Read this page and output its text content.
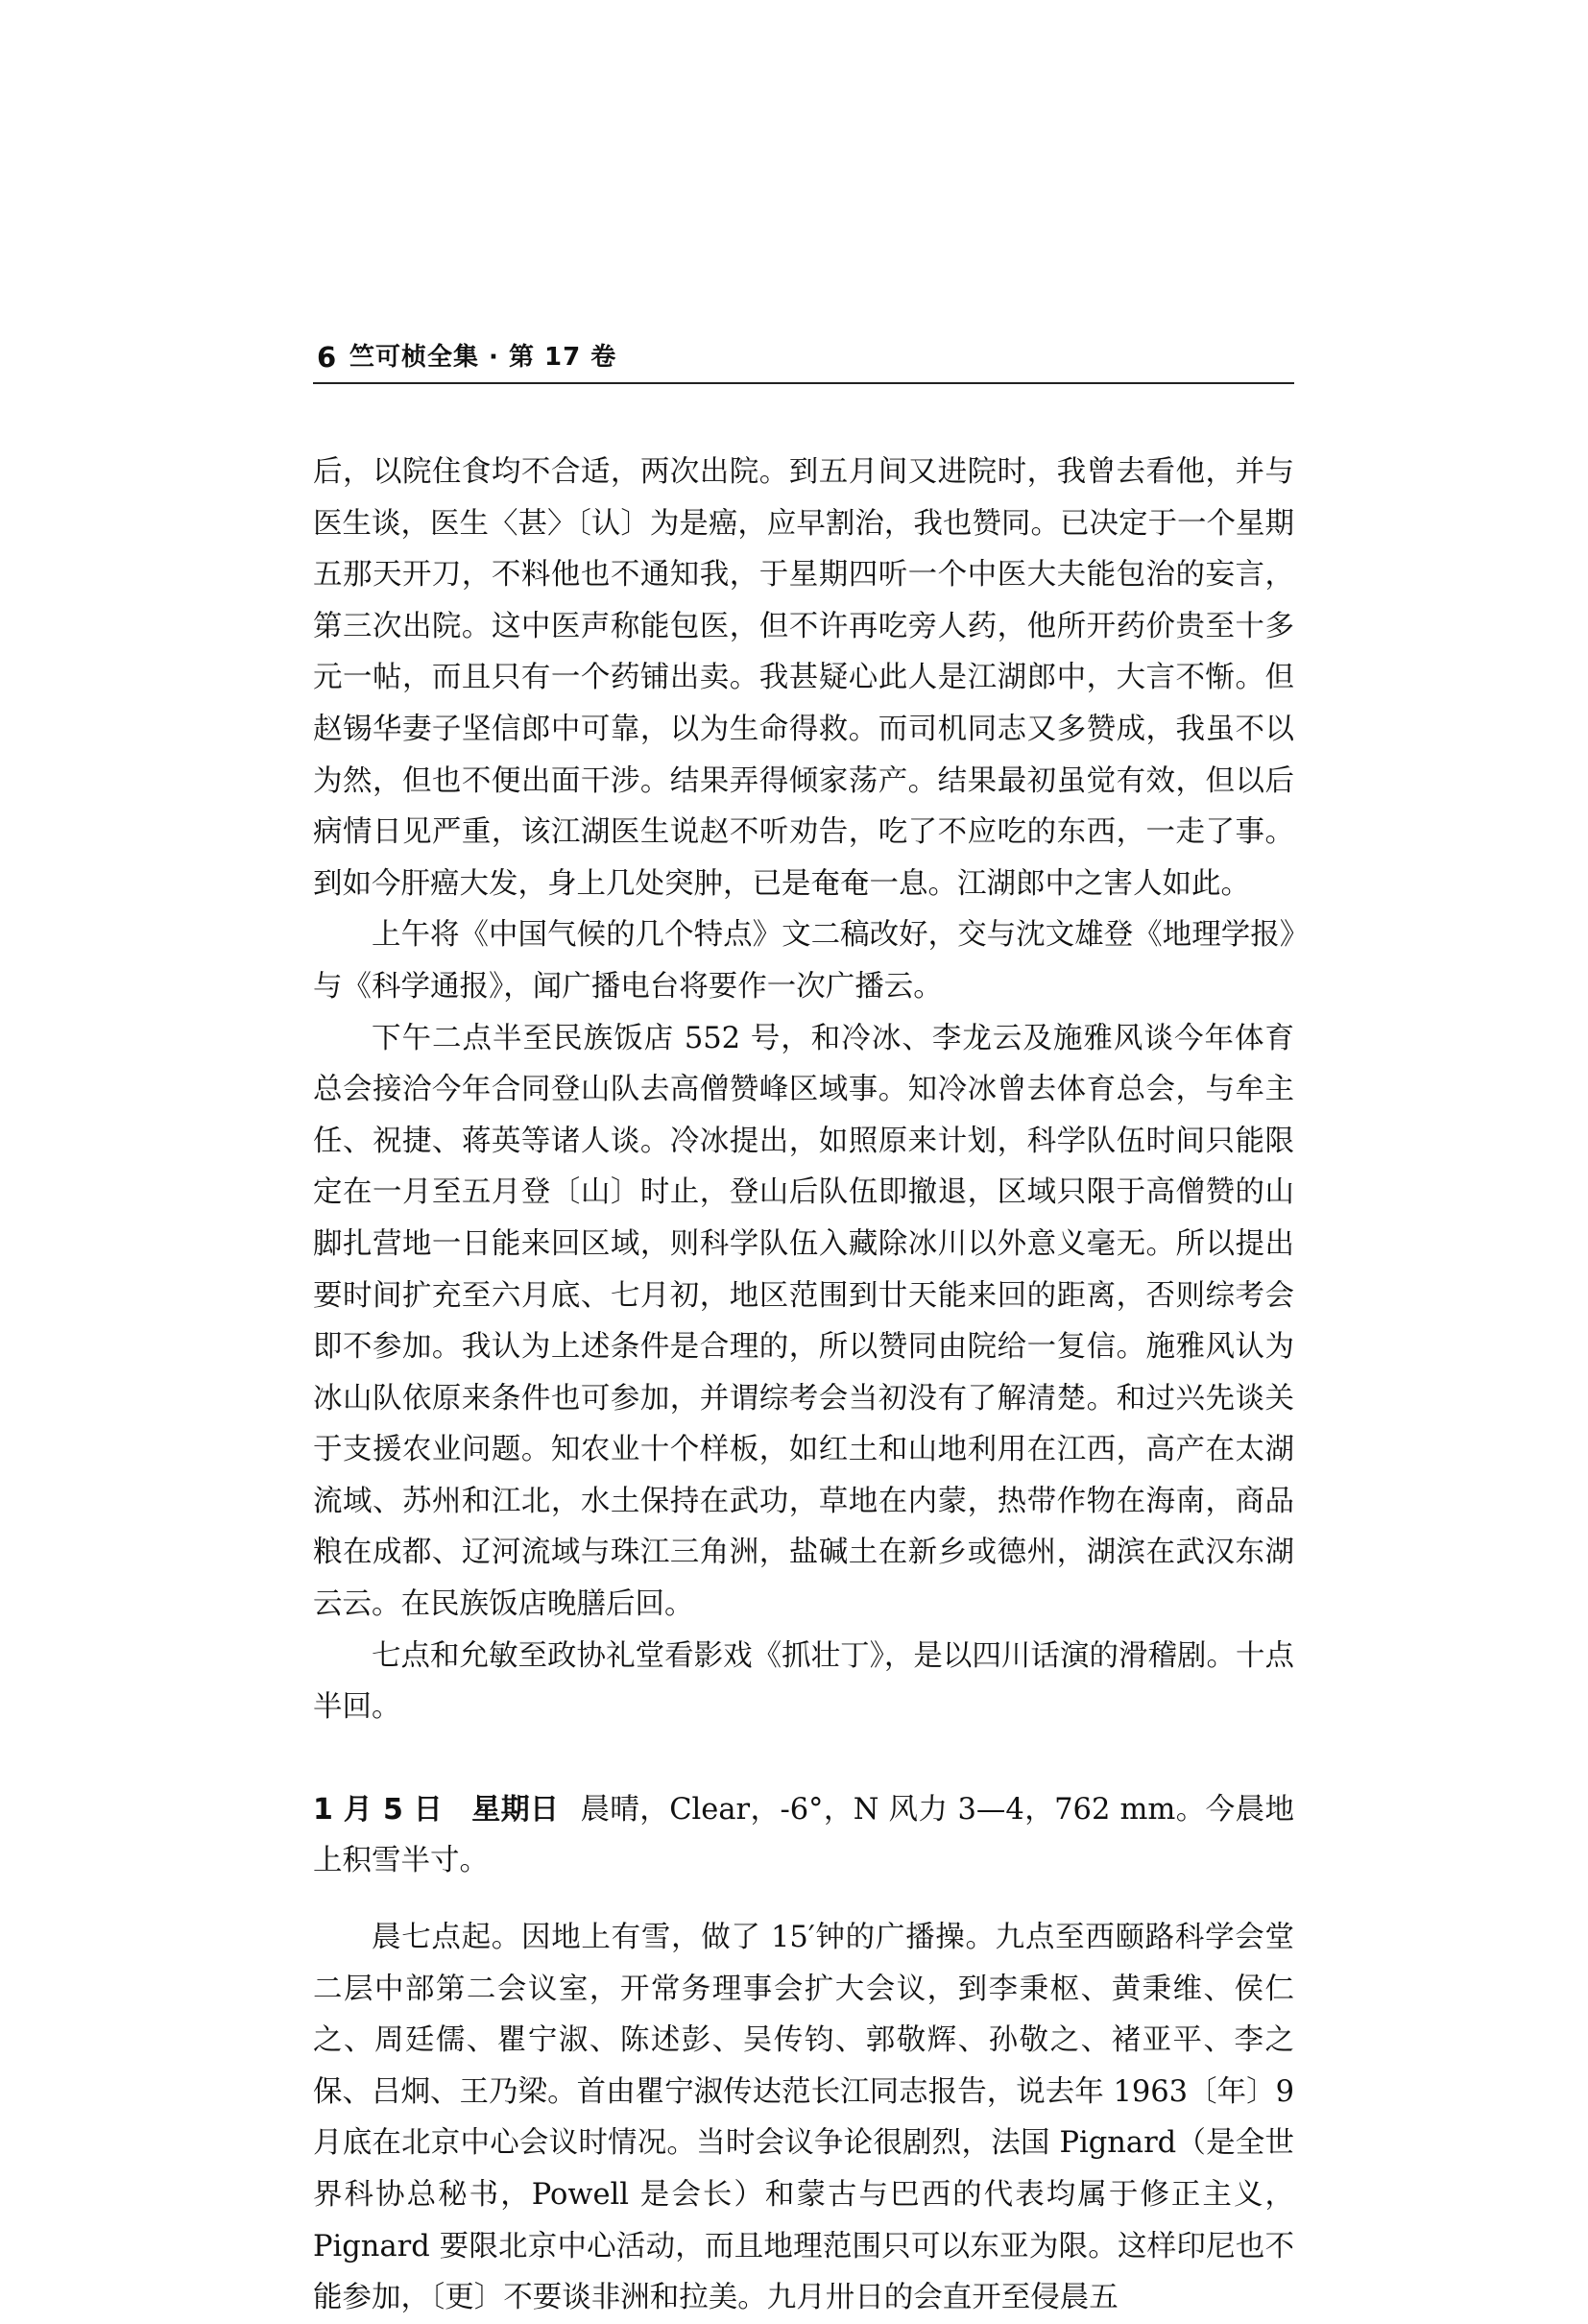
6 竺可桢全集 · 第 17 卷

后，以院住食均不合适，两次出院。到五月间又进院时，我曾去看他，并与医生谈，医生〈甚〉〔认〕为是癌，应早割治，我也赞同。已决定于一个星期五那天开刀，不料他也不通知我，于星期四听一个中医大夫能包治的妄言，第三次出院。这中医声称能包医，但不许再吃旁人药，他所开药价贵至十多元一帖，而且只有一个药铺出卖。我甚疑心此人是江湖郎中，大言不惭。但赵锡华妻子坚信郎中可靠，以为生命得救。而司机同志又多赞成，我虽不以为然，但也不便出面干涉。结果弄得倾家荡产。结果最初虽觉有效，但以后病情日见严重，该江湖医生说赵不听劝告，吃了不应吃的东西，一走了事。到如今肝癌大发，身上几处突肿，已是奄奄一息。江湖郎中之害人如此。

上午将《中国气候的几个特点》文二稿改好，交与沈文雄登《地理学报》与《科学通报》，闻广播电台将要作一次广播云。

下午二点半至民族饭店 552 号，和冷冰、李龙云及施雅风谈今年体育总会接洽今年合同登山队去高僧赞峰区域事。知冷冰曾去体育总会，与牟主任、祝捷、蒋英等诸人谈。冷冰提出，如照原来计划，科学队伍时间只能限定在一月至五月登〔山〕时止，登山后队伍即撤退，区域只限于高僧赞的山脚扎营地一日能来回区域，则科学队伍入藏除冰川以外意义毫无。所以提出要时间扩充至六月底、七月初，地区范围到廿天能来回的距离，否则综考会即不参加。我认为上述条件是合理的，所以赞同由院给一复信。施雅风认为冰山队依原来条件也可参加，并谓综考会当初没有了解清楚。和过兴先谈关于支援农业问题。知农业十个样板，如红土和山地利用在江西，高产在太湖流域、苏州和江北，水土保持在武功，草地在内蒙，热带作物在海南，商品粮在成都、辽河流域与珠江三角洲，盐碱土在新乡或德州，湖滨在武汉东湖云云。在民族饭店晚膳后回。

七点和允敏至政协礼堂看影戏《抓壮丁》，是以四川话演的滑稽剧。十点半回。

1 月 5 日 星期日 晨晴，Clear，-6°，N 风力 3—4，762 mm。今晨地上积雪半寸。

晨七点起。因地上有雪，做了 15′钟的广播操。九点至西颐路科学会堂二层中部第二会议室，开常务理事会扩大会议，到李秉枢、黄秉维、侯仁之、周廷儒、瞿宁淑、陈述彭、吴传钧、郭敬辉、孙敬之、褚亚平、李之保、吕炯、王乃梁。首由瞿宁淑传达范长江同志报告，说去年 1963〔年〕9 月底在北京中心会议时情况。当时会议争论很剧烈，法国 Pignard（是全世界科协总秘书，Powell 是会长）和蒙古与巴西的代表均属于修正主义，Pignard 要限北京中心活动，而且地理范围只可以东亚为限。这样印尼也不能参加，〔更〕不要谈非洲和拉美。九月卅日的会直开至侵晨五
